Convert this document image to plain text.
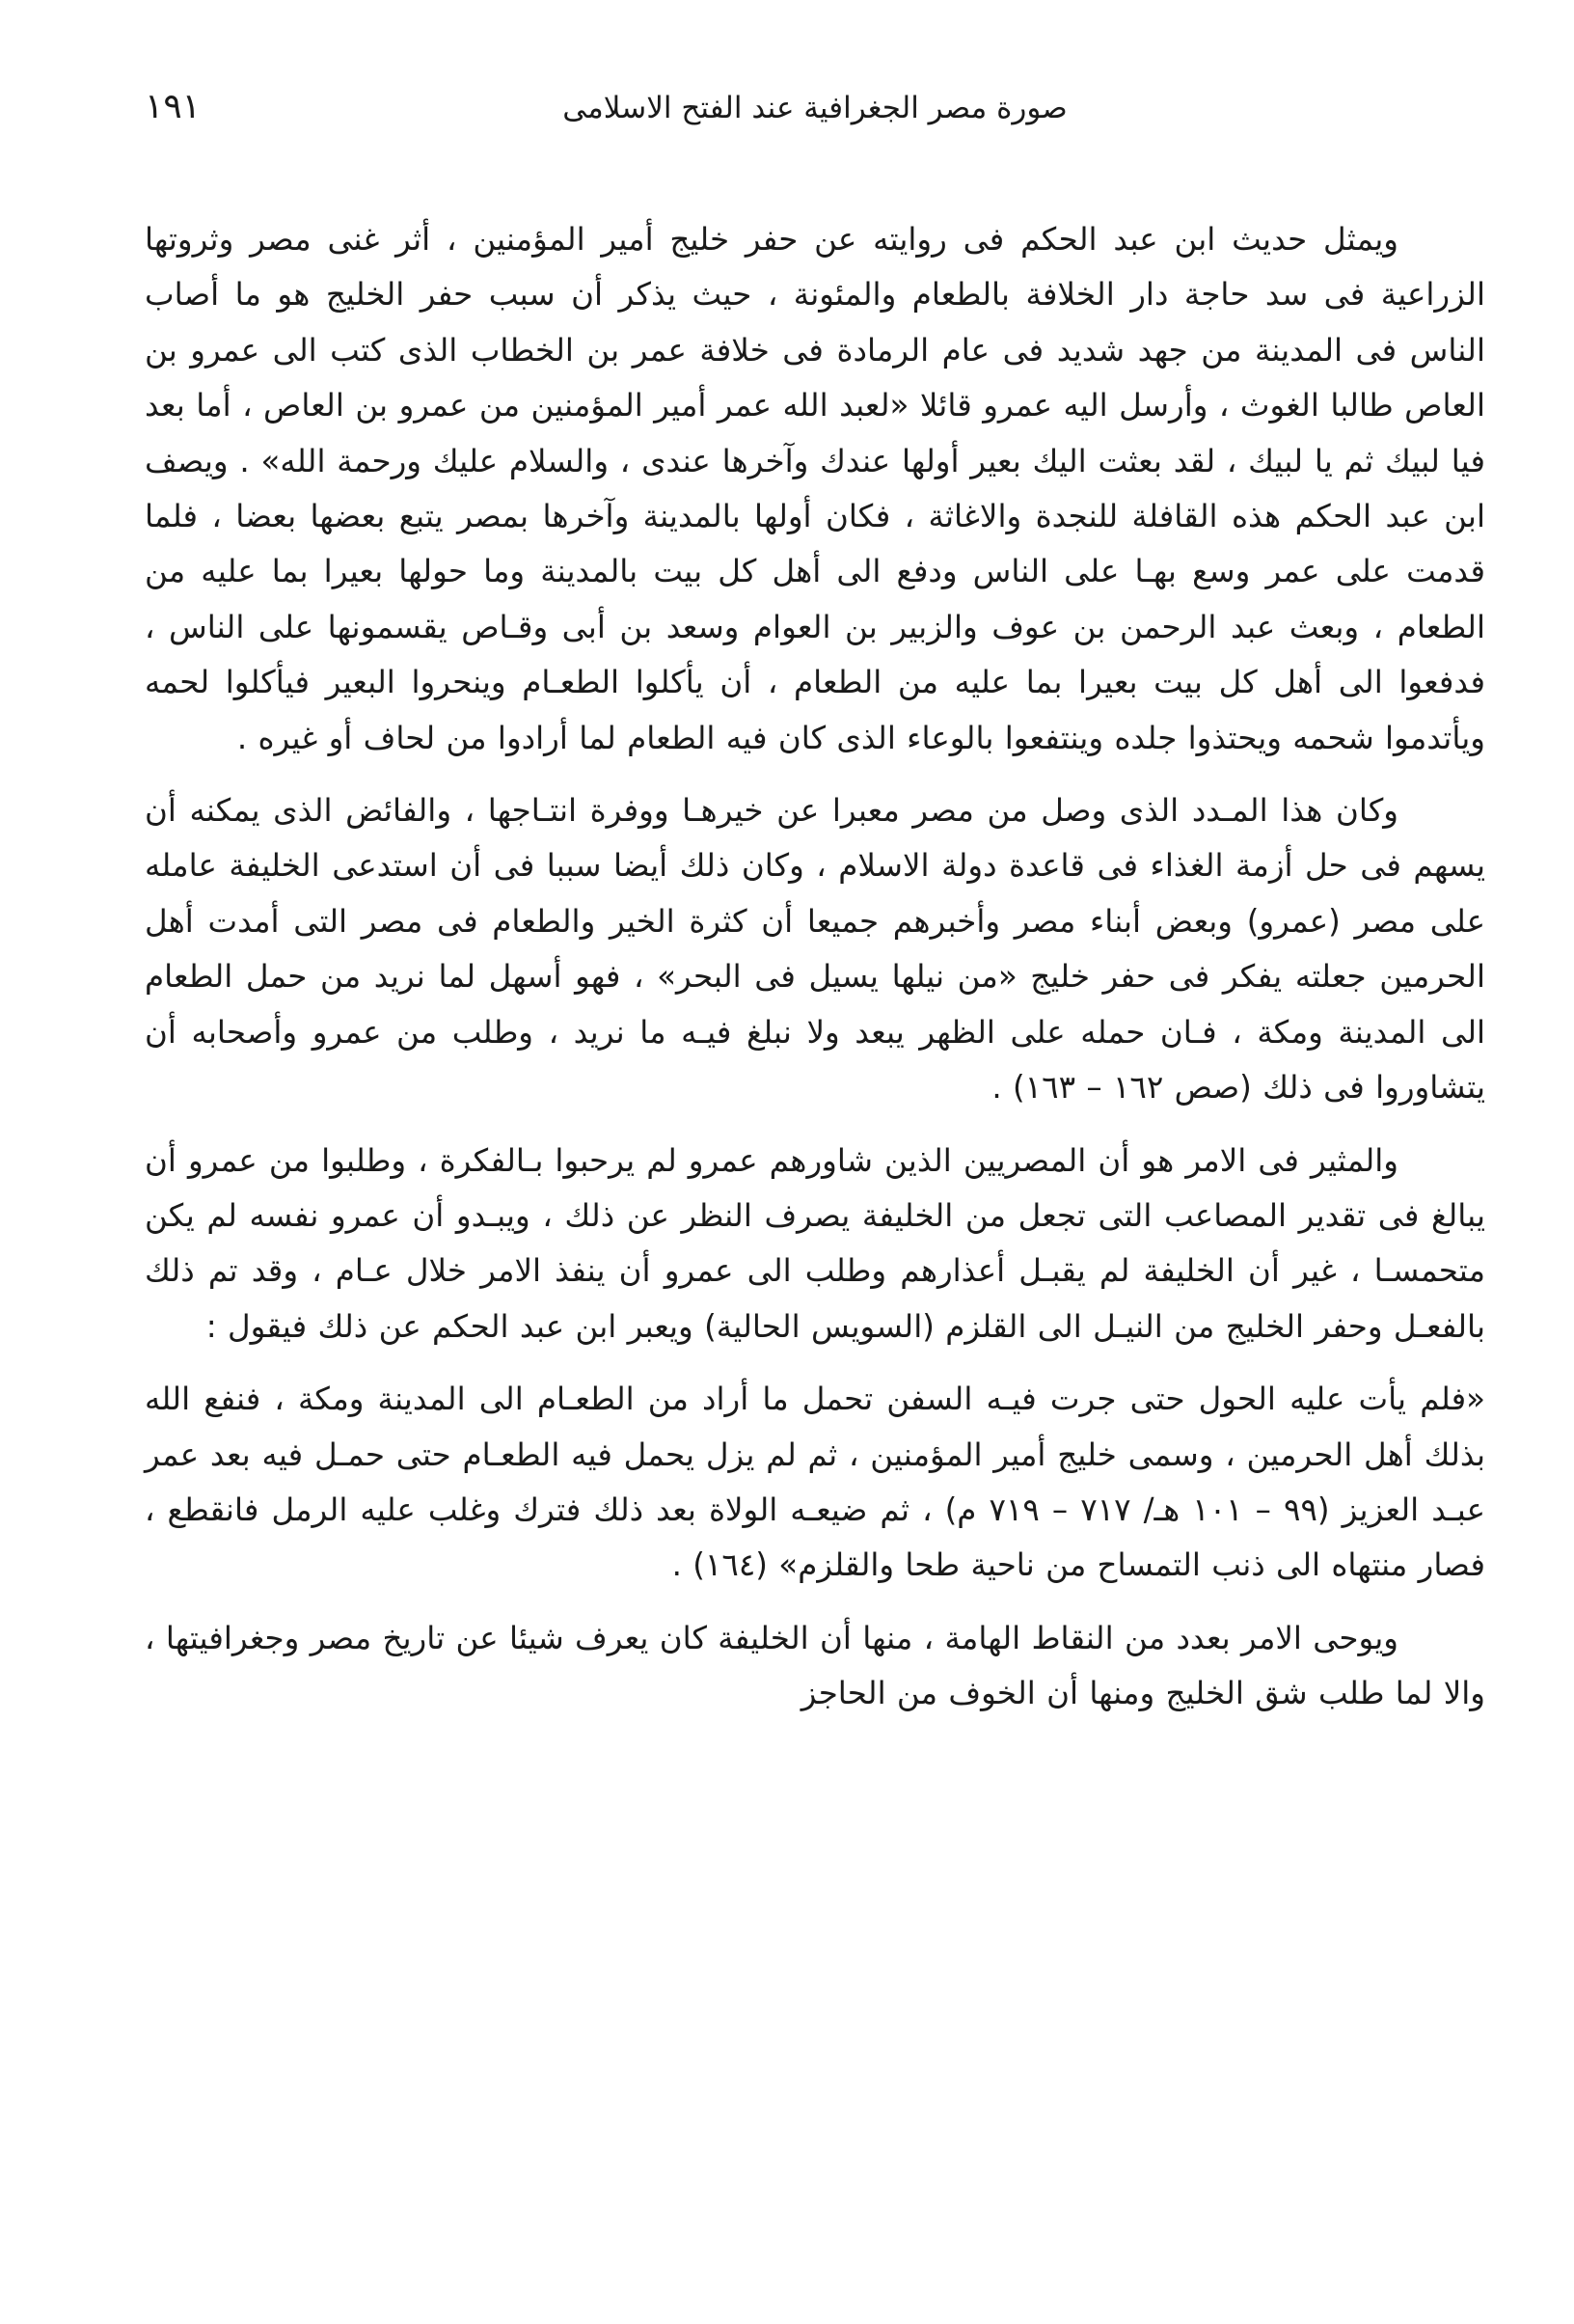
١٩١	صورة مصر الجغرافية عند الفتح الاسلامى

ويمثل حديث ابن عبد الحكم فى روايته عن حفر خليج أمير المؤمنين ، أثر غنى مصر وثروتها الزراعية فى سد حاجة دار الخلافة بالطعام والمئونة ، حيث يذكر أن سبب حفر الخليج هو ما أصاب الناس فى المدينة من جهد شديد فى عام الرمادة فى خلافة عمر بن الخطاب الذى كتب الى عمرو بن العاص طالبا الغوث ، وأرسل اليه عمرو قائلا «لعبد الله عمر أمير المؤمنين من عمرو بن العاص ، أما بعد فيا لبيك ثم يا لبيك ، لقد بعثت اليك بعير أولها عندك وآخرها عندى ، والسلام عليك ورحمة الله» . ويصف ابن عبد الحكم هذه القافلة للنجدة والاغاثة ، فكان أولها بالمدينة وآخرها بمصر يتبع بعضها بعضا ، فلما قدمت على عمر وسع بهـا على الناس ودفع الى أهل كل بيت بالمدينة وما حولها بعيرا بما عليه من الطعام ، وبعث عبد الرحمن بن عوف والزبير بن العوام وسعد بن أبى وقـاص يقسمونها على الناس ، فدفعوا الى أهل كل بيت بعيرا بما عليه من الطعام ، أن يأكلوا الطعـام وينحروا البعير فيأكلوا لحمه ويأتدموا شحمه ويحتذوا جلده وينتفعوا بالوعاء الذى كان فيه الطعام لما أرادوا من لحاف أو غيره .

وكان هذا المـدد الذى وصل من مصر معبرا عن خيرهـا ووفرة انتـاجها ، والفائض الذى يمكنه أن يسهم فى حل أزمة الغذاء فى قاعدة دولة الاسلام ، وكان ذلك أيضا سببا فى أن استدعى الخليفة عامله على مصر (عمرو) وبعض أبناء مصر وأخبرهم جميعا أن كثرة الخير والطعام فى مصر التى أمدت أهل الحرمين جعلته يفكر فى حفر خليج «من نيلها يسيل فى البحر» ، فهو أسهل لما نريد من حمل الطعام الى المدينة ومكة ، فـان حمله على الظهر يبعد ولا نبلغ فيـه ما نريد ، وطلب من عمرو وأصحابه أن يتشاوروا فى ذلك (صص ١٦٢ – ١٦٣) .

والمثير فى الامر هو أن المصريين الذين شاورهم عمرو لم يرحبوا بـالفكرة ، وطلبوا من عمرو أن يبالغ فى تقدير المصاعب التى تجعل من الخليفة يصرف النظر عن ذلك ، ويبـدو أن عمرو نفسه لم يكن متحمسـا ، غير أن الخليفة لم يقبـل أعذارهم وطلب الى عمرو أن ينفذ الامر خلال عـام ، وقد تم ذلك بالفعـل وحفر الخليج من النيـل الى القلزم (السويس الحالية) ويعبر ابن عبد الحكم عن ذلك فيقول :

«فلم يأت عليه الحول حتى جرت فيـه السفن تحمل ما أراد من الطعـام الى المدينة ومكة ، فنفع الله بذلك أهل الحرمين ، وسمى خليج أمير المؤمنين ، ثم لم يزل يحمل فيه الطعـام حتى حمـل فيه بعد عمر عبـد العزيز (٩٩ – ١٠١ هـ/ ٧١٧ – ٧١٩ م) ، ثم ضيعـه الولاة بعد ذلك فترك وغلب عليه الرمل فانقطع ، فصار منتهاه الى ذنب التمساح من ناحية طحا والقلزم» (١٦٤) .

ويوحى الامر بعدد من النقاط الهامة ، منها أن الخليفة كان يعرف شيئا عن تاريخ مصر وجغرافيتها ، والا لما طلب شق الخليج ومنها أن الخوف من الحاجز
